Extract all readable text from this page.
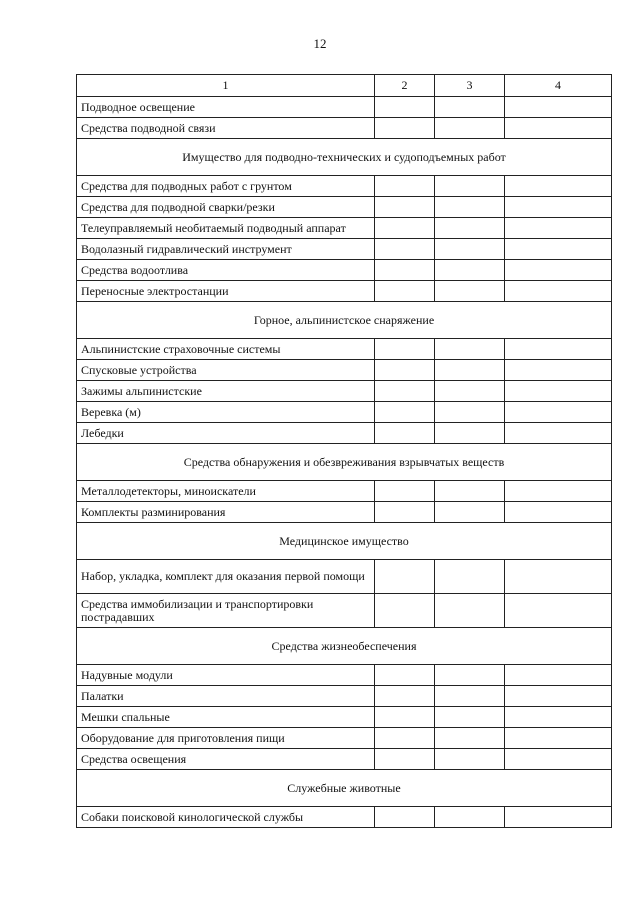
12
1	2	3	4
Подводное освещение			
Средства подводной связи			
Имущество для подводно-технических и судоподъемных работ			
Средства для подводных работ с грунтом			
Средства для подводной сварки/резки			
Телеуправляемый необитаемый подводный аппарат			
Водолазный гидравлический инструмент			
Средства водоотлива			
Переносные электростанции			
Горное, альпинистское снаряжение			
Альпинистские страховочные системы			
Спусковые устройства			
Зажимы альпинистские			
Веревка (м)			
Лебедки			
Средства обнаружения и обезвреживания взрывчатых веществ			
Металлодетекторы, миноискатели			
Комплекты разминирования			
Медицинское имущество			
Набор, укладка, комплект для оказания первой помощи			
Средства иммобилизации и транспортировки пострадавших			
Средства жизнеобеспечения			
Надувные модули			
Палатки			
Мешки спальные			
Оборудование для приготовления пищи			
Средства освещения			
Служебные животные			
Собаки поисковой кинологической службы			
